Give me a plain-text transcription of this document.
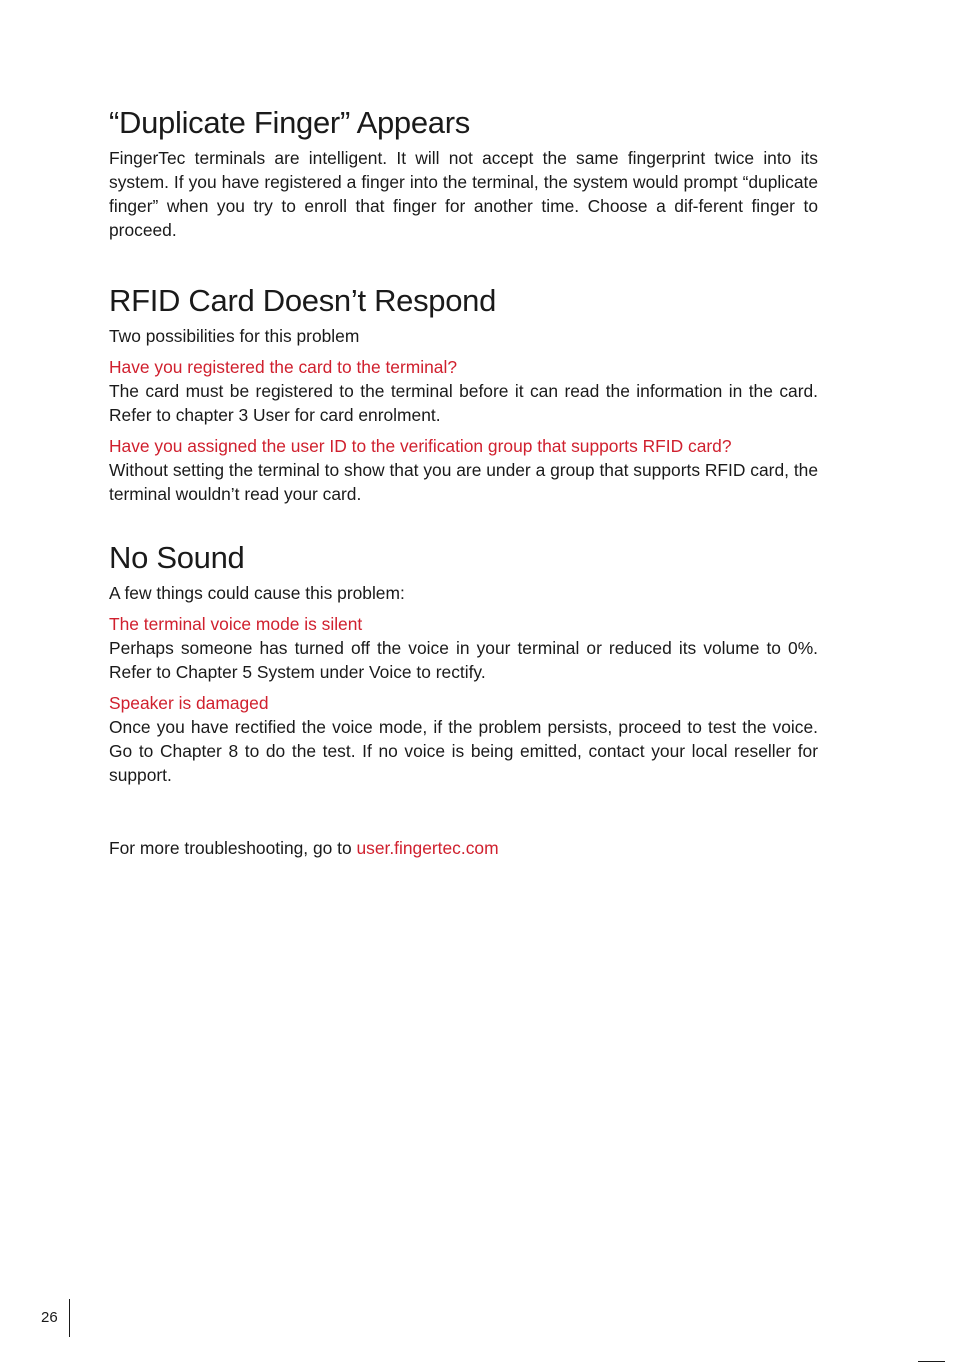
“Duplicate Finger” Appears

FingerTec terminals are intelligent. It will not accept the same fingerprint twice into its system. If you have registered a finger into the terminal, the system would prompt “duplicate finger” when you try to enroll that finger for another time. Choose a dif-ferent finger to proceed.

RFID Card Doesn’t Respond

Two possibilities for this problem

Have you registered the card to the terminal?

The card must be registered to the terminal before it can read the information in the card. Refer to chapter 3 User for card enrolment.

Have you assigned the user ID to the verification group that supports RFID card?

Without setting the terminal to show that you are under a group that supports RFID card, the terminal wouldn’t read your card.

No Sound

A few things could cause this problem:

The terminal voice mode is silent

Perhaps someone has turned off the voice in your terminal or reduced its volume to 0%. Refer to Chapter 5 System under Voice to rectify.

Speaker is damaged

Once you have rectified the voice mode, if the problem persists, proceed to test the voice. Go to Chapter 8 to do the test. If no voice is being emitted, contact your local reseller for support.

For more troubleshooting, go to user.fingertec.com
26
